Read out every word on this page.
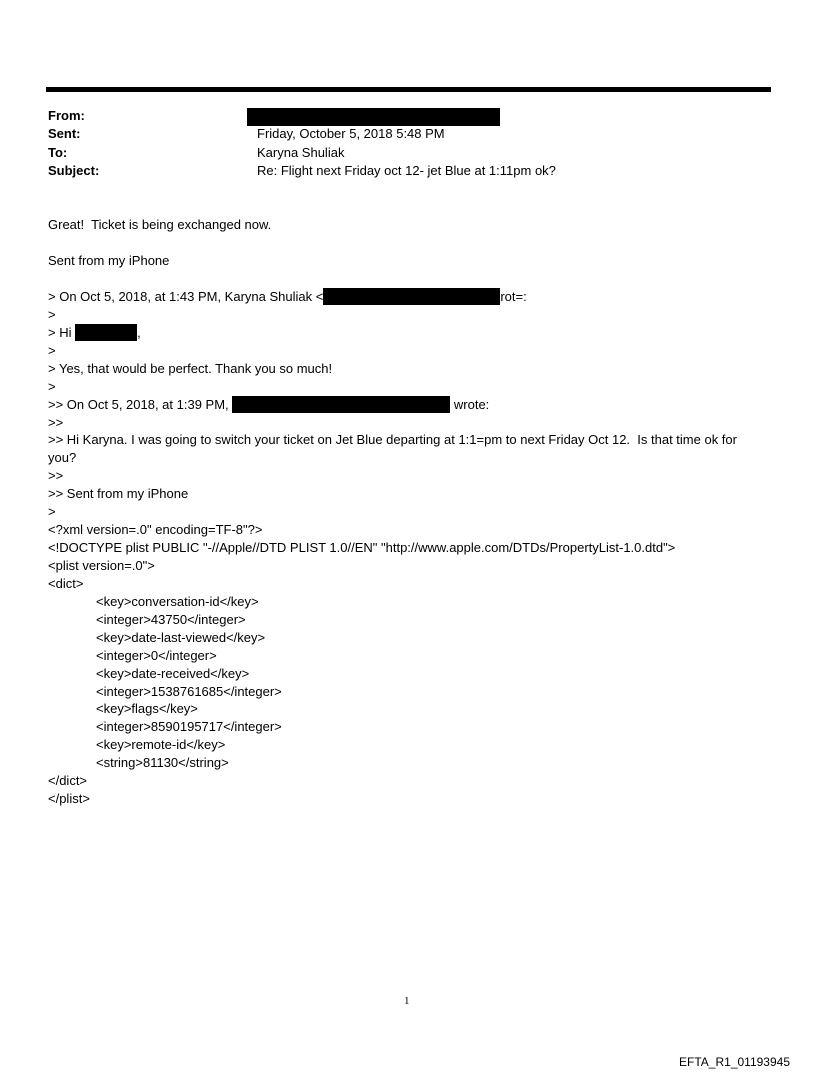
From:
Sent:	Friday, October 5, 2018 5:48 PM
To:	Karyna Shuliak
Subject:	Re: Flight next Friday oct 12- jet Blue at 1:11pm ok?
Great!  Ticket is being exchanged now.
Sent from my iPhone
> On Oct 5, 2018, at 1:43 PM, Karyna Shuliak <	rot=:
>
> Hi	,
>
> Yes, that would be perfect. Thank you so much!
>
>> On Oct 5, 2018, at 1:39 PM,	wrote:
>>
>> Hi Karyna. I was going to switch your ticket on Jet Blue departing at 1:1=pm to next Friday Oct 12.  Is that time ok for
you?
>>
>> Sent from my iPhone
>
<?xml version=.0" encoding=TF-8"?>
<!DOCTYPE plist PUBLIC "-//Apple//DTD PLIST 1.0//EN" "http://www.apple.com/DTDs/PropertyList-1.0.dtd">
<plist version=.0">
<dict>
<key>conversation-id</key>
<integer>43750</integer>
<key>date-last-viewed</key>
<integer>0</integer>
<key>date-received</key>
<integer>1538761685</integer>
<key>flags</key>
<integer>8590195717</integer>
<key>remote-id</key>
<string>81130</string>
</dict>
</plist>
1
EFTA_R1_01193945
